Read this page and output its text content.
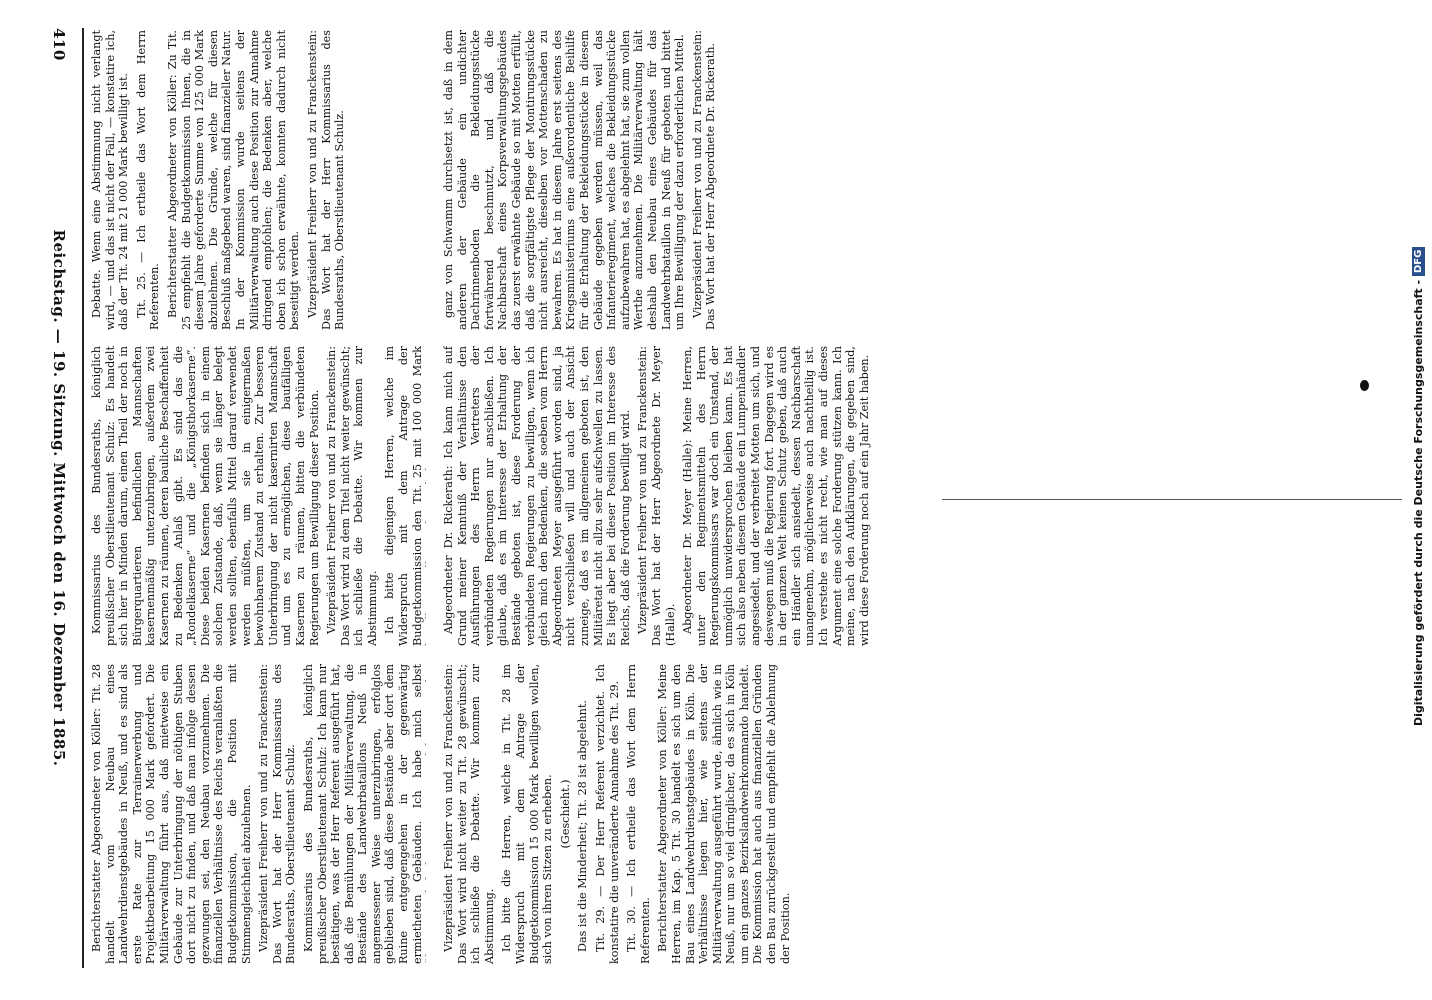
410
Reichstag. — 19. Sitzung. Mittwoch den 16. Dezember 1885.

Debatte. Wenn eine Abstimmung nicht verlangt wird, — und das ist nicht der Fall, — konstatire ich, daß der Tit. 24 mit 21 000 Mark bewilligt ist. Tit. 25. — Ich ertheile das Wort dem Herrn Referenten. Berichterstatter Abgeordneter von Köller: Zu Tit. 25 empfiehlt die Budgetkommission Ihnen, die in diesem Jahre geforderte Summe von 125 000 Mark abzulehnen. Die Gründe, welche für diesen Beschluß maßgebend waren, sind finanzieller Natur. In der Kommission wurde seitens der Militärverwaltung auch diese Position zur Annahme dringend empfohlen; die Bedenken aber, welche oben ich schon erwähnte, konnten dadurch nicht beseitigt werden. Vizepräsident Freiherr von und zu Franckenstein: Das Wort hat der Herr Kommissarius des Bundesraths, Oberstlieutenant Schulz.

Kommissarius des Bundesraths, königlich preußischer Oberstlieutenant Schulz: Es handelt sich hier in Minden darum, einen Theil der noch in Bürgerquartieren befindlichen Mannschaften kasernenmäßig unterzubringen, außerdem zwei Kasernen zu räumen, deren bauliche Beschaffenheit zu Bedenken Anlaß gibt. Es sind das die „Rondelkaserne“ und die „Königsthorkaserne“. Diese beiden Kasernen befinden sich in einem solchen Zustande, daß, wenn sie länger belegt werden sollten, ebenfalls Mittel darauf verwendet werden müßten, um sie in einigermaßen bewohnbarem Zustand zu erhalten. Zur besseren Unterbringung der nicht kasernirten Mannschaft und um es zu ermöglichen, diese baufälligen Kasernen zu räumen, bitten die verbündeten Regierungen um Bewilligung dieser Position. Vizepräsident Freiherr von und zu Franckenstein: Das Wort wird zu dem Titel nicht weiter gewünscht; ich schließe die Debatte. Wir kommen zur Abstimmung. Ich bitte diejenigen Herren, welche im Widerspruch mit dem Antrage der Budgetkommission den Tit. 25 mit 100 000 Mark

Berichterstatter Abgeordneter von Köller: Tit. 28 handelt vom Neubau eines Landwehrdienstgebäudes in Neuß, und es sind als erste Rate zur Terrainerwerbung und Projektbearbeitung 15 000 Mark gefordert. Die Militärverwaltung führt aus, daß mietweise ein Gebäude zur Unterbringung der nöthigen Stuben dort nicht zu finden, und daß man infolge dessen gezwungen sei, den Neubau vorzunehmen. Die finanziellen Verhältnisse des Reichs veranlaßten die Budgetkommission, die Position mit Stimmengleichheit abzulehnen. Vizepräsident Freiherr von und zu Franckenstein: Das Wort hat der Herr Kommissarius des Bundesraths, Oberstlieutenant Schulz. Kommissarius des Bundesraths, königlich preußischer Oberstlieutenant Schulz: Ich kann nur bestätigen, was der Herr Referent ausgeführt hat, daß die Bemühungen der Militärverwaltung, die Bestände des Landwehrbataillons Neuß in angemessener Weise unterzubringen, erfolglos geblieben sind, daß diese Bestände aber dort dem Ruine entgegengehen in der gegenwärtig ermietheten Gebäuden. Ich habe mich selbst

ganz von Schwamm durchsetzt ist, daß in dem anderen der Gebäude ein undichter Dachrinnenboden die Bekleidungsstücke fortwährend beschmutzt, und daß die Nachbarschaft eines Korpsverwaltungsgebäudes das zuerst erwähnte Gebäude so mit Motten erfüllt, daß die sorgfältigste Pflege der Montirungsstücke nicht ausreicht, dieselben vor Mottenschaden zu bewahren. Es hat in diesem Jahre erst seitens des Kriegsministeriums eine außerordentliche Beihilfe für die Erhaltung der Bekleidungsstücke in diesem Gebäude gegeben werden müssen, weil das Infanterieregiment, welches die Bekleidungsstücke aufzubewahren hat, es abgelehnt hat, sie zum vollen Werthe anzunehmen. Die Militärverwaltung hält deshalb den Neubau eines Gebäudes für das Landwehrbataillon in Neuß für geboten und bittet um Ihre Bewilligung der dazu erforderlichen Mittel. Vizepräsident Freiherr von und zu Franckenstein: Das Wort hat der Herr Abgeordnete Dr. Rickerath.

Abgeordneter Dr. Rickerath: Ich kann mich auf Grund meiner Kenntniß der Verhältnisse den Ausführungen des Herrn Vertreters der verbündeten Regierungen nur anschließen. Ich glaube, daß es im Interesse der Erhaltung der Bestände geboten ist, diese Forderung der verbündeten Regierungen zu bewilligen, wenn ich gleich mich den Bedenken, die soeben vom Herrn Abgeordneten Meyer ausgeführt worden sind, ja nicht verschließen will und auch der Ansicht zuneige, daß es im allgemeinen geboten ist, den Militäretat nicht allzu sehr aufschwellen zu lassen. Es liegt aber bei dieser Position im Interesse des Reichs, daß die Forderung bewilligt wird. Vizepräsident Freiherr von und zu Franckenstein: Das Wort hat der Herr Abgeordnete Dr. Meyer (Halle). Abgeordneter Dr. Meyer (Halle): Meine Herren, unter den Regimentsmitteln des Herrn Regierungskommissars war doch ein Umstand, der unmöglich unwidersprochen bleiben kann. Es hat sich also neben diesem Gebäude ein Lumpenhändler angesiedelt, und der verbreitet Motten um sich, und deswegen muß die Regierung fort. Dagegen wird es in der ganzen Welt keinen Schutz geben, daß auch ein Händler sich ansiedelt, dessen Nachbarschaft unangenehm, möglicherweise auch nachtheilig ist. Ich verstehe es nicht recht, wie man auf dieses Argument eine solche Forderung stützen kann. Ich meine, nach den Aufklärungen, die gegeben sind, wird diese Forderung noch auf ein Jahr Zeit haben.

Vizepräsident Freiherr von und zu Franckenstein: Das Wort wird nicht weiter zu Tit. 28 gewünscht; ich schließe die Debatte. Wir kommen zur Abstimmung. Ich bitte die Herren, welche in Tit. 28 im Widerspruch mit dem Antrage der Budgetkommission 15 000 Mark bewilligen wollen, sich von ihren Sitzen zu erheben. (Geschieht.) Das ist die Minderheit; Tit. 28 ist abgelehnt. Tit. 29. — Der Herr Referent verzichtet. Ich konstatire die unveränderte Annahme des Tit. 29. Tit. 30. — Ich ertheile das Wort dem Herrn Referenten. Berichterstatter Abgeordneter von Köller: Meine Herren, im Kap. 5 Tit. 30 handelt es sich um den Bau eines Landwehrdienstgebäudes in Köln. Die Verhältnisse liegen hier, wie seitens der Militärverwaltung ausgeführt wurde, ähnlich wie in Neuß, nur um so viel dringlicher, da es sich in Köln um ein ganzes Bezirkslandwehrkommando handelt. Die Kommission hat auch aus finanziellen Gründen den Bau zurückgestellt und empfiehlt die Ablehnung der Position.

Digitalisierung gefördert durch die Deutsche Forschungsgemeinschaft - DFG
